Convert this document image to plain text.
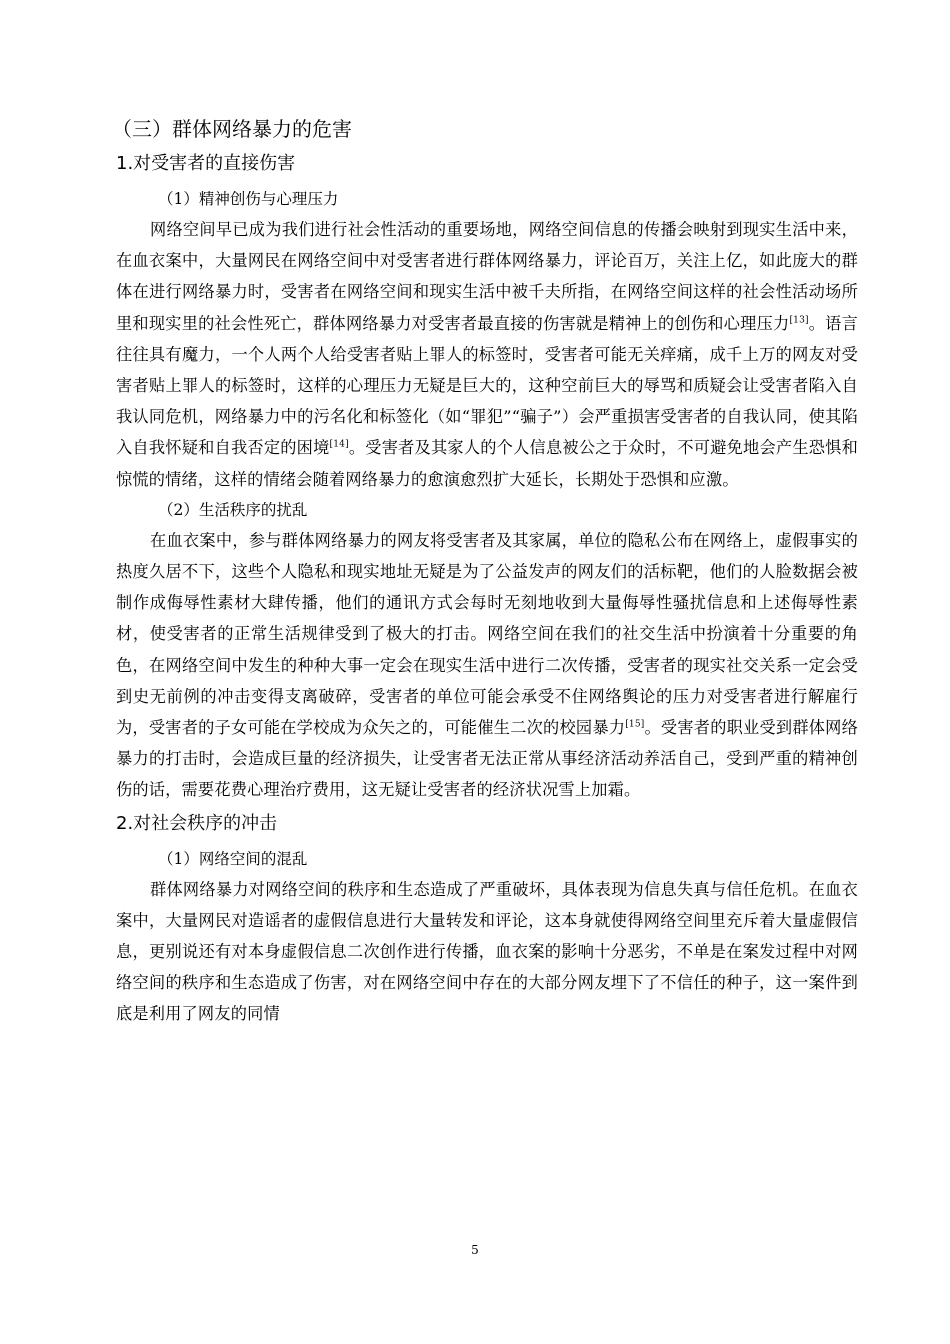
（三）群体网络暴力的危害
1.对受害者的直接伤害

（1）精神创伤与心理压力

网络空间早已成为我们进行社会性活动的重要场地，网络空间信息的传播会映射到现实生活中来，在血衣案中，大量网民在网络空间中对受害者进行群体网络暴力，评论百万，关注上亿，如此庞大的群体在进行网络暴力时，受害者在网络空间和现实生活中被千夫所指，在网络空间这样的社会性活动场所里和现实里的社会性死亡，群体网络暴力对受害者最直接的伤害就是精神上的创伤和心理压力[13]。语言往往具有魔力，一个人两个人给受害者贴上罪人的标签时，受害者可能无关痒痛，成千上万的网友对受害者贴上罪人的标签时，这样的心理压力无疑是巨大的，这种空前巨大的辱骂和质疑会让受害者陷入自我认同危机，网络暴力中的污名化和标签化（如“罪犯”“骗子”）会严重损害受害者的自我认同，使其陷入自我怀疑和自我否定的困境[14]。受害者及其家人的个人信息被公之于众时，不可避免地会产生恐惧和惊慌的情绪，这样的情绪会随着网络暴力的愈演愈烈扩大延长，长期处于恐惧和应激。

（2）生活秩序的扰乱

在血衣案中，参与群体网络暴力的网友将受害者及其家属，单位的隐私公布在网络上，虚假事实的热度久居不下，这些个人隐私和现实地址无疑是为了公益发声的网友们的活标靶，他们的人脸数据会被制作成侮辱性素材大肆传播，他们的通讯方式会每时无刻地收到大量侮辱性骚扰信息和上述侮辱性素材，使受害者的正常生活规律受到了极大的打击。网络空间在我们的社交生活中扮演着十分重要的角色，在网络空间中发生的种种大事一定会在现实生活中进行二次传播，受害者的现实社交关系一定会受到史无前例的冲击变得支离破碎，受害者的单位可能会承受不住网络舆论的压力对受害者进行解雇行为，受害者的子女可能在学校成为众矢之的，可能催生二次的校园暴力[15]。受害者的职业受到群体网络暴力的打击时，会造成巨量的经济损失，让受害者无法正常从事经济活动养活自己，受到严重的精神创伤的话，需要花费心理治疗费用，这无疑让受害者的经济状况雪上加霜。

2.对社会秩序的冲击

（1）网络空间的混乱

群体网络暴力对网络空间的秩序和生态造成了严重破坏，具体表现为信息失真与信任危机。在血衣案中，大量网民对造谣者的虚假信息进行大量转发和评论，这本身就使得网络空间里充斥着大量虚假信息，更别说还有对本身虚假信息二次创作进行传播，血衣案的影响十分恶劣，不单是在案发过程中对网络空间的秩序和生态造成了伤害，对在网络空间中存在的大部分网友埋下了不信任的种子，这一案件到底是利用了网友的同情

5
